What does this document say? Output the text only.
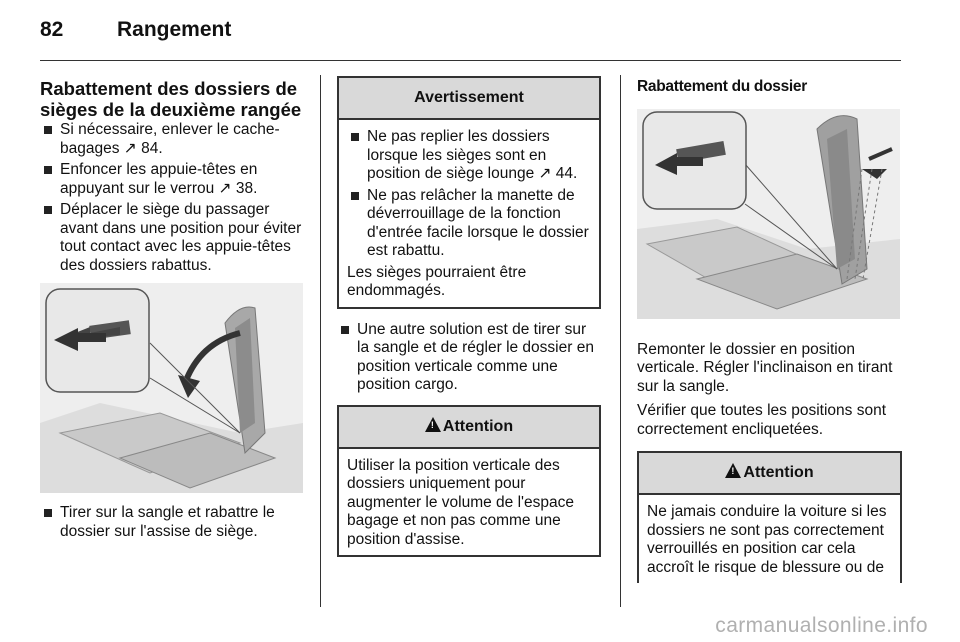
82	Rangement
Rabattement des dossiers de sièges de la deuxième rangée
Si nécessaire, enlever le cache-bagages ↗ 84.
Enfoncer les appuie-têtes en appuyant sur le verrou ↗ 38.
Déplacer le siège du passager avant dans une position pour éviter tout contact avec les appuie-têtes des dossiers rabattus.
Tirer sur la sangle et rabattre le dossier sur l'assise de siège.
Avertissement
Ne pas replier les dossiers lorsque les sièges sont en position de siège lounge ↗ 44.
Ne pas relâcher la manette de déverrouillage de la fonction d'entrée facile lorsque le dossier est rabattu.

Les sièges pourraient être endommagés.

Une autre solution est de tirer sur la sangle et de régler le dossier en position verticale comme une position cargo.
! Attention

Utiliser la position verticale des dossiers uniquement pour augmenter le volume de l'espace bagage et non pas comme une position d'assise.

Rabattement du dossier

Remonter le dossier en position verticale. Régler l'inclinaison en tirant sur la sangle.

Vérifier que toutes les positions sont correctement encliquetées.

! Attention

Ne jamais conduire la voiture si les dossiers ne sont pas correctement verrouillés en position car cela accroît le risque de blessure ou de

carmanualsonline.info
